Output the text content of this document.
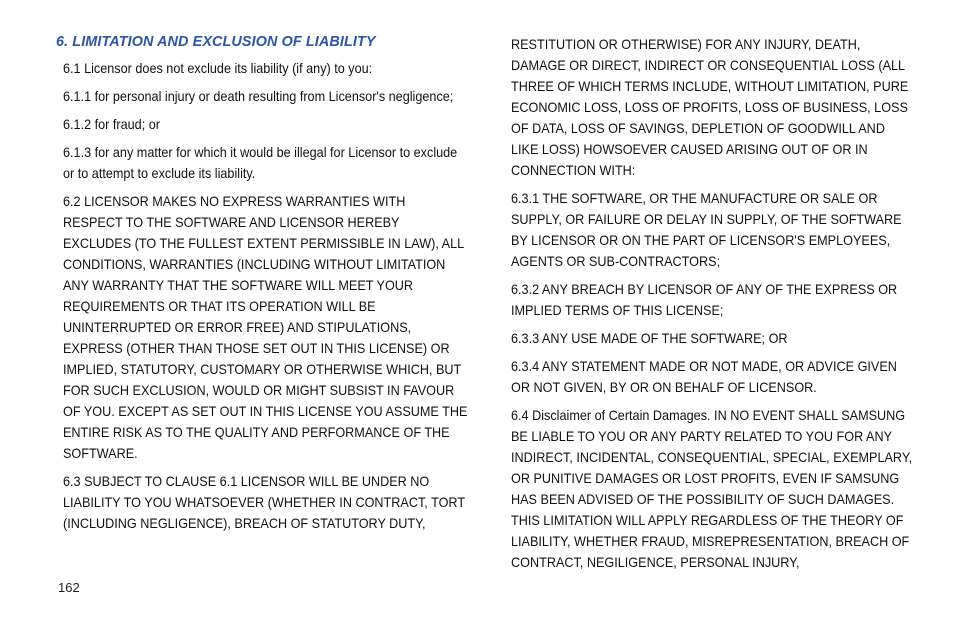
6. LIMITATION AND EXCLUSION OF LIABILITY

6.1 Licensor does not exclude its liability (if any) to you:

6.1.1 for personal injury or death resulting from Licensor's negligence;

6.1.2 for fraud; or

6.1.3 for any matter for which it would be illegal for Licensor to exclude or to attempt to exclude its liability.

6.2 LICENSOR MAKES NO EXPRESS WARRANTIES WITH RESPECT TO THE SOFTWARE AND LICENSOR HEREBY EXCLUDES (TO THE FULLEST EXTENT PERMISSIBLE IN LAW), ALL CONDITIONS, WARRANTIES (INCLUDING WITHOUT LIMITATION ANY WARRANTY THAT THE SOFTWARE WILL MEET YOUR REQUIREMENTS OR THAT ITS OPERATION WILL BE UNINTERRUPTED OR ERROR FREE) AND STIPULATIONS, EXPRESS (OTHER THAN THOSE SET OUT IN THIS LICENSE) OR IMPLIED, STATUTORY, CUSTOMARY OR OTHERWISE WHICH, BUT FOR SUCH EXCLUSION, WOULD OR MIGHT SUBSIST IN FAVOUR OF YOU. EXCEPT AS SET OUT IN THIS LICENSE YOU ASSUME THE ENTIRE RISK AS TO THE QUALITY AND PERFORMANCE OF THE SOFTWARE.

6.3 SUBJECT TO CLAUSE 6.1 LICENSOR WILL BE UNDER NO LIABILITY TO YOU WHATSOEVER (WHETHER IN CONTRACT, TORT (INCLUDING NEGLIGENCE), BREACH OF STATUTORY DUTY,

RESTITUTION OR OTHERWISE) FOR ANY INJURY, DEATH, DAMAGE OR DIRECT, INDIRECT OR CONSEQUENTIAL LOSS (ALL THREE OF WHICH TERMS INCLUDE, WITHOUT LIMITATION, PURE ECONOMIC LOSS, LOSS OF PROFITS, LOSS OF BUSINESS, LOSS OF DATA, LOSS OF SAVINGS, DEPLETION OF GOODWILL AND LIKE LOSS) HOWSOEVER CAUSED ARISING OUT OF OR IN CONNECTION WITH:

6.3.1 THE SOFTWARE, OR THE MANUFACTURE OR SALE OR SUPPLY, OR FAILURE OR DELAY IN SUPPLY, OF THE SOFTWARE BY LICENSOR OR ON THE PART OF LICENSOR'S EMPLOYEES, AGENTS OR SUB-CONTRACTORS;

6.3.2 ANY BREACH BY LICENSOR OF ANY OF THE EXPRESS OR IMPLIED TERMS OF THIS LICENSE;

6.3.3 ANY USE MADE OF THE SOFTWARE; OR

6.3.4 ANY STATEMENT MADE OR NOT MADE, OR ADVICE GIVEN OR NOT GIVEN, BY OR ON BEHALF OF LICENSOR.

6.4 Disclaimer of Certain Damages. IN NO EVENT SHALL SAMSUNG BE LIABLE TO YOU OR ANY PARTY RELATED TO YOU FOR ANY INDIRECT, INCIDENTAL, CONSEQUENTIAL, SPECIAL, EXEMPLARY, OR PUNITIVE DAMAGES OR LOST PROFITS, EVEN IF SAMSUNG HAS BEEN ADVISED OF THE POSSIBILITY OF SUCH DAMAGES. THIS LIMITATION WILL APPLY REGARDLESS OF THE THEORY OF LIABILITY, WHETHER FRAUD, MISREPRESENTATION, BREACH OF CONTRACT, NEGILIGENCE, PERSONAL INJURY,

162
